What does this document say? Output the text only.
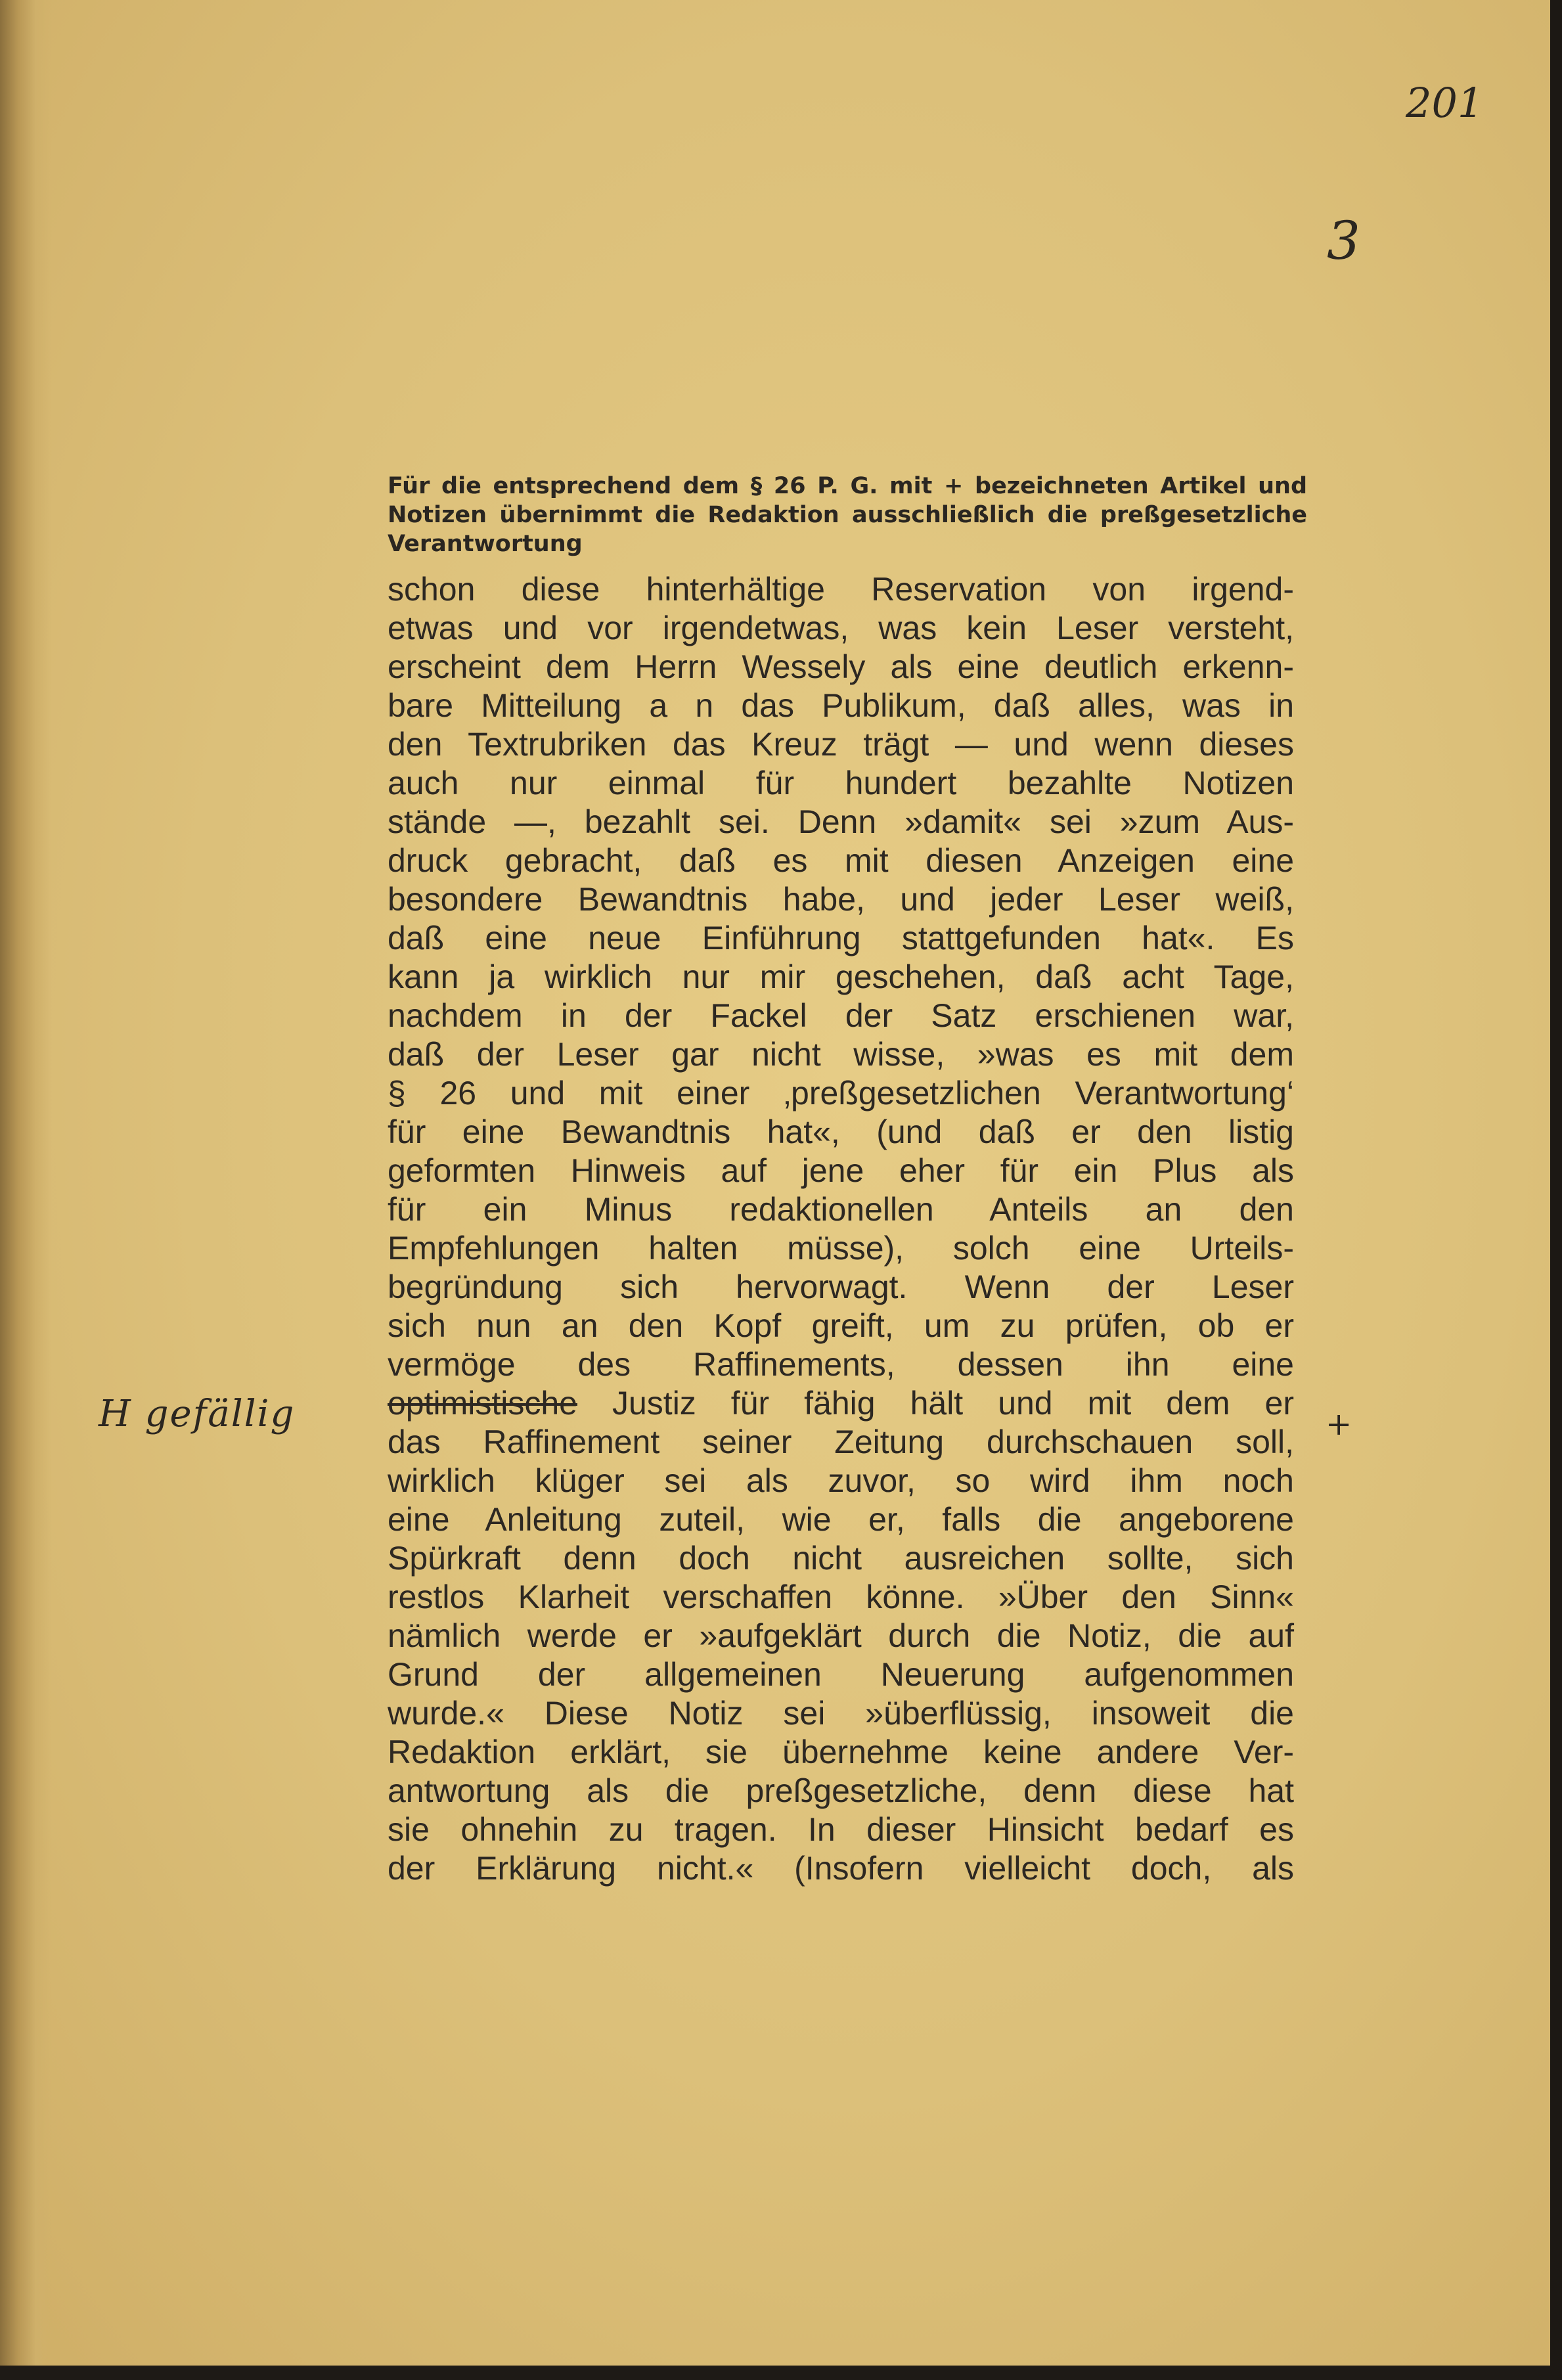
201
3
H gefällig	+
Für die entsprechend dem § 26 P. G. mit + bezeichneten Artikel und Notizen übernimmt die Redaktion ausschließlich die preßgesetzliche Verantwortung
schon diese hinterhältige Reservation von irgend-
etwas und vor irgendetwas, was kein Leser versteht,
erscheint dem Herrn Wessely als eine deutlich erkenn-
bare Mitteilung a n das Publikum, daß alles, was in
den Textrubriken das Kreuz trägt — und wenn dieses
auch nur einmal für hundert bezahlte Notizen
stände —, bezahlt sei. Denn »damit« sei »zum Aus-
druck gebracht, daß es mit diesen Anzeigen eine
besondere Bewandtnis habe, und jeder Leser weiß,
daß eine neue Einführung stattgefunden hat«. Es
kann ja wirklich nur mir geschehen, daß acht Tage,
nachdem in der Fackel der Satz erschienen war,
daß der Leser gar nicht wisse, »was es mit dem
§ 26 und mit einer ‚preßgesetzlichen Verantwortung‘
für eine Bewandtnis hat«, (und daß er den listig
geformten Hinweis auf jene eher für ein Plus als
für ein Minus redaktionellen Anteils an den
Empfehlungen halten müsse), solch eine Urteils-
begründung sich hervorwagt. Wenn der Leser
sich nun an den Kopf greift, um zu prüfen, ob er
vermöge des Raffinements, dessen ihn eine
optimistische Justiz für fähig hält und mit dem er
das Raffinement seiner Zeitung durchschauen soll,
wirklich klüger sei als zuvor, so wird ihm noch
eine Anleitung zuteil, wie er, falls die angeborene
Spürkraft denn doch nicht ausreichen sollte, sich
restlos Klarheit verschaffen könne. »Über den Sinn«
nämlich werde er »aufgeklärt durch die Notiz, die auf
Grund der allgemeinen Neuerung aufgenommen
wurde.« Diese Notiz sei »überflüssig, insoweit die
Redaktion erklärt, sie übernehme keine andere Ver-
antwortung als die preßgesetzliche, denn diese hat
sie ohnehin zu tragen. In dieser Hinsicht bedarf es
der Erklärung nicht.« (Insofern vielleicht doch, als
